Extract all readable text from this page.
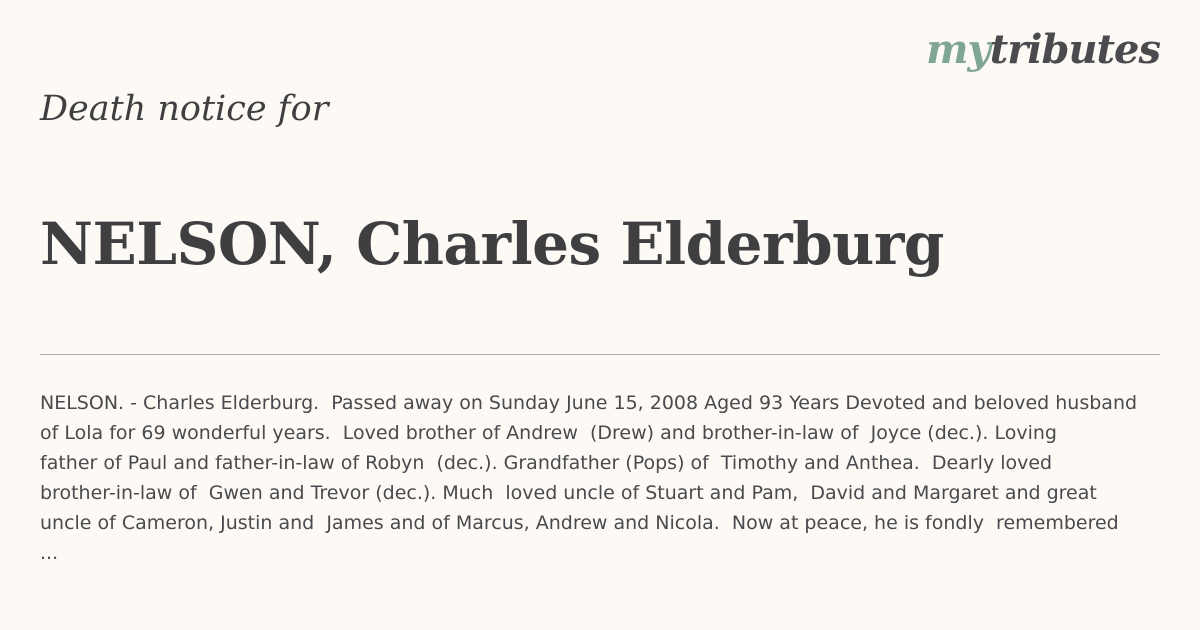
mytributes
Death notice for
NELSON, Charles Elderburg
NELSON. - Charles Elderburg.  Passed away on Sunday June 15, 2008 Aged 93 Years Devoted and beloved husband
of Lola for 69 wonderful years.  Loved brother of Andrew  (Drew) and brother-in-law of  Joyce (dec.). Loving
father of Paul and father-in-law of Robyn  (dec.). Grandfather (Pops) of  Timothy and Anthea.  Dearly loved
brother-in-law of  Gwen and Trevor (dec.). Much  loved uncle of Stuart and Pam,  David and Margaret and great
uncle of Cameron, Justin and  James and of Marcus, Andrew and Nicola.  Now at peace, he is fondly  remembered
...
